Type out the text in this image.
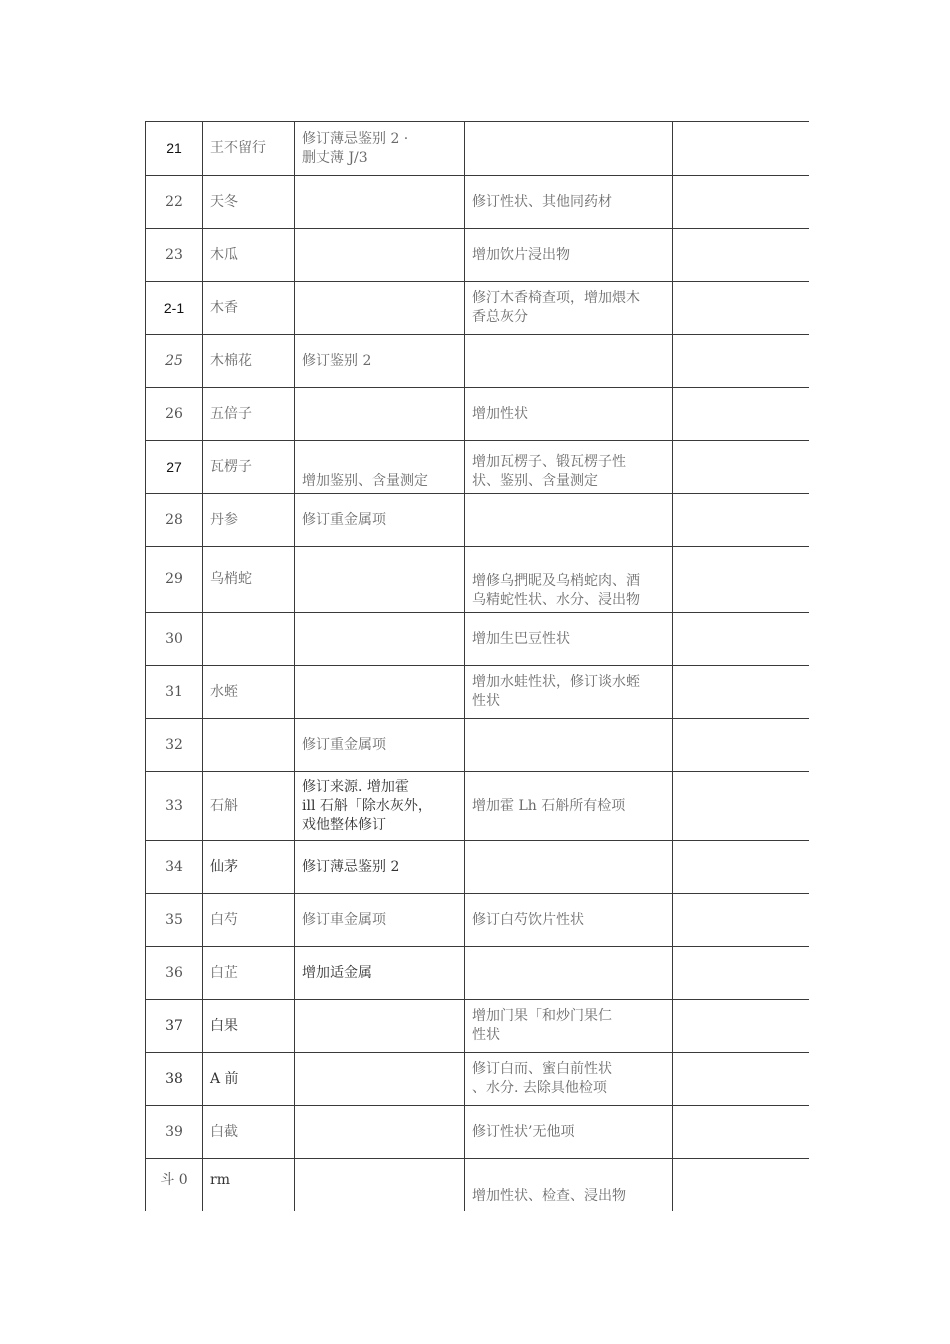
21	王不留行	修订薄忌鉴别 2 ·
删丈薄 J/3		

22	天冬		修订性状、其他同药材	

23	木瓜		增加饮片浸出物	

2-1	木香		修汀木香椅查项，增加煨木
香总灰分	

25	木棉花	修订鉴别 2		

26	五倍子		增加性状	

27	瓦楞子	增加鉴别、含量测定	增加瓦楞子、锻瓦楞子性
状、鉴别、含量测定	

28	丹参	修订重金属项		

29	乌梢蛇		增修乌捫昵及乌梢蛇肉、酒
乌精蛇性状、水分、浸出物	

30			增加生巴豆性状	

31	水蛭		增加水蛙性状，修订谈水蛭
性状	

32		修订重金属项		

33	石斛	修订来源. 增加霍
ill 石斛「除水灰外，
戏他整体修订	增加霍 Lh 石斛所有检项	

34	仙茅	修订薄忌鉴别 2		

35	白芍	修订車金属项	修订白芍饮片性状	

36	白芷	增加适金属		

37	白果		增加门果「和炒门果仁
性状	

38	A 前		修订白而、蜜白前性状
、水分. 去除具他检项	

39	白截		修订性状’无他项	

斗 0	rm		增加性状、检查、浸出物	
